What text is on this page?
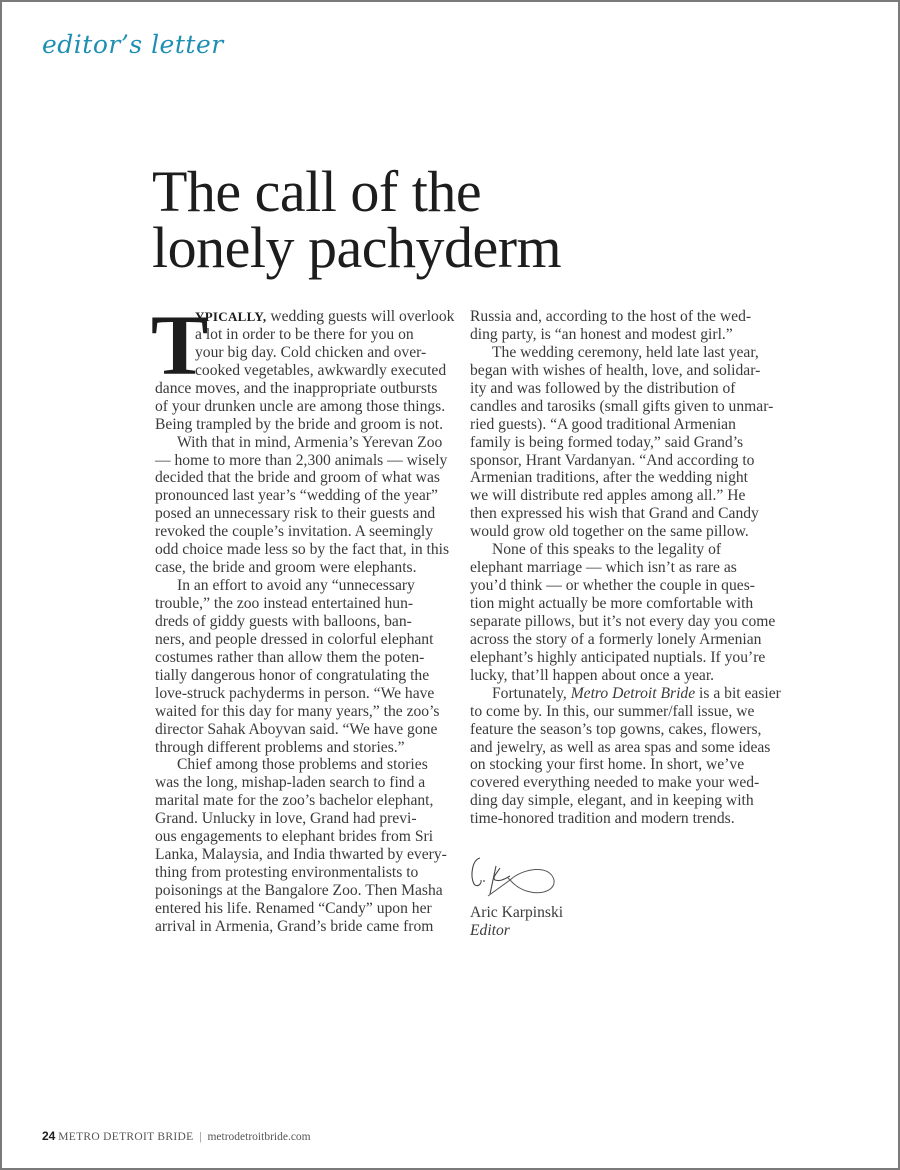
editor’s letter
The call of the
lonely pachyderm
T
YPICALLY, wedding guests will overlook
a lot in order to be there for you on
your big day. Cold chicken and over-
cooked vegetables, awkwardly executed
dance moves, and the inappropriate outbursts
of your drunken uncle are among those things.
Being trampled by the bride and groom is not.
With that in mind, Armenia’s Yerevan Zoo
— home to more than 2,300 animals — wisely
decided that the bride and groom of what was
pronounced last year’s “wedding of the year”
posed an unnecessary risk to their guests and
revoked the couple’s invitation. A seemingly
odd choice made less so by the fact that, in this
case, the bride and groom were elephants.
In an effort to avoid any “unnecessary
trouble,” the zoo instead entertained hun-
dreds of giddy guests with balloons, ban-
ners, and people dressed in colorful elephant
costumes rather than allow them the poten-
tially dangerous honor of congratulating the
love-struck pachyderms in person. “We have
waited for this day for many years,” the zoo’s
director Sahak Aboyvan said. “We have gone
through different problems and stories.”
Chief among those problems and stories
was the long, mishap-laden search to find a
marital mate for the zoo’s bachelor elephant,
Grand. Unlucky in love, Grand had previ-
ous engagements to elephant brides from Sri
Lanka, Malaysia, and India thwarted by every-
thing from protesting environmentalists to
poisonings at the Bangalore Zoo. Then Masha
entered his life. Renamed “Candy” upon her
arrival in Armenia, Grand’s bride came from
Russia and, according to the host of the wed-
ding party, is “an honest and modest girl.”
The wedding ceremony, held late last year,
began with wishes of health, love, and solidar-
ity and was followed by the distribution of
candles and tarosiks (small gifts given to unmar-
ried guests). “A good traditional Armenian
family is being formed today,” said Grand’s
sponsor, Hrant Vardanyan. “And according to
Armenian traditions, after the wedding night
we will distribute red apples among all.” He
then expressed his wish that Grand and Candy
would grow old together on the same pillow.
None of this speaks to the legality of
elephant marriage — which isn’t as rare as
you’d think — or whether the couple in ques-
tion might actually be more comfortable with
separate pillows, but it’s not every day you come
across the story of a formerly lonely Armenian
elephant’s highly anticipated nuptials. If you’re
lucky, that’ll happen about once a year.
Fortunately, Metro Detroit Bride is a bit easier
to come by. In this, our summer/fall issue, we
feature the season’s top gowns, cakes, flowers,
and jewelry, as well as area spas and some ideas
on stocking your first home. In short, we’ve
covered everything needed to make your wed-
ding day simple, elegant, and in keeping with
time-honored tradition and modern trends.
Aric Karpinski
Editor
24 METRO DETROIT BRIDE | metrodetroitbride.com
